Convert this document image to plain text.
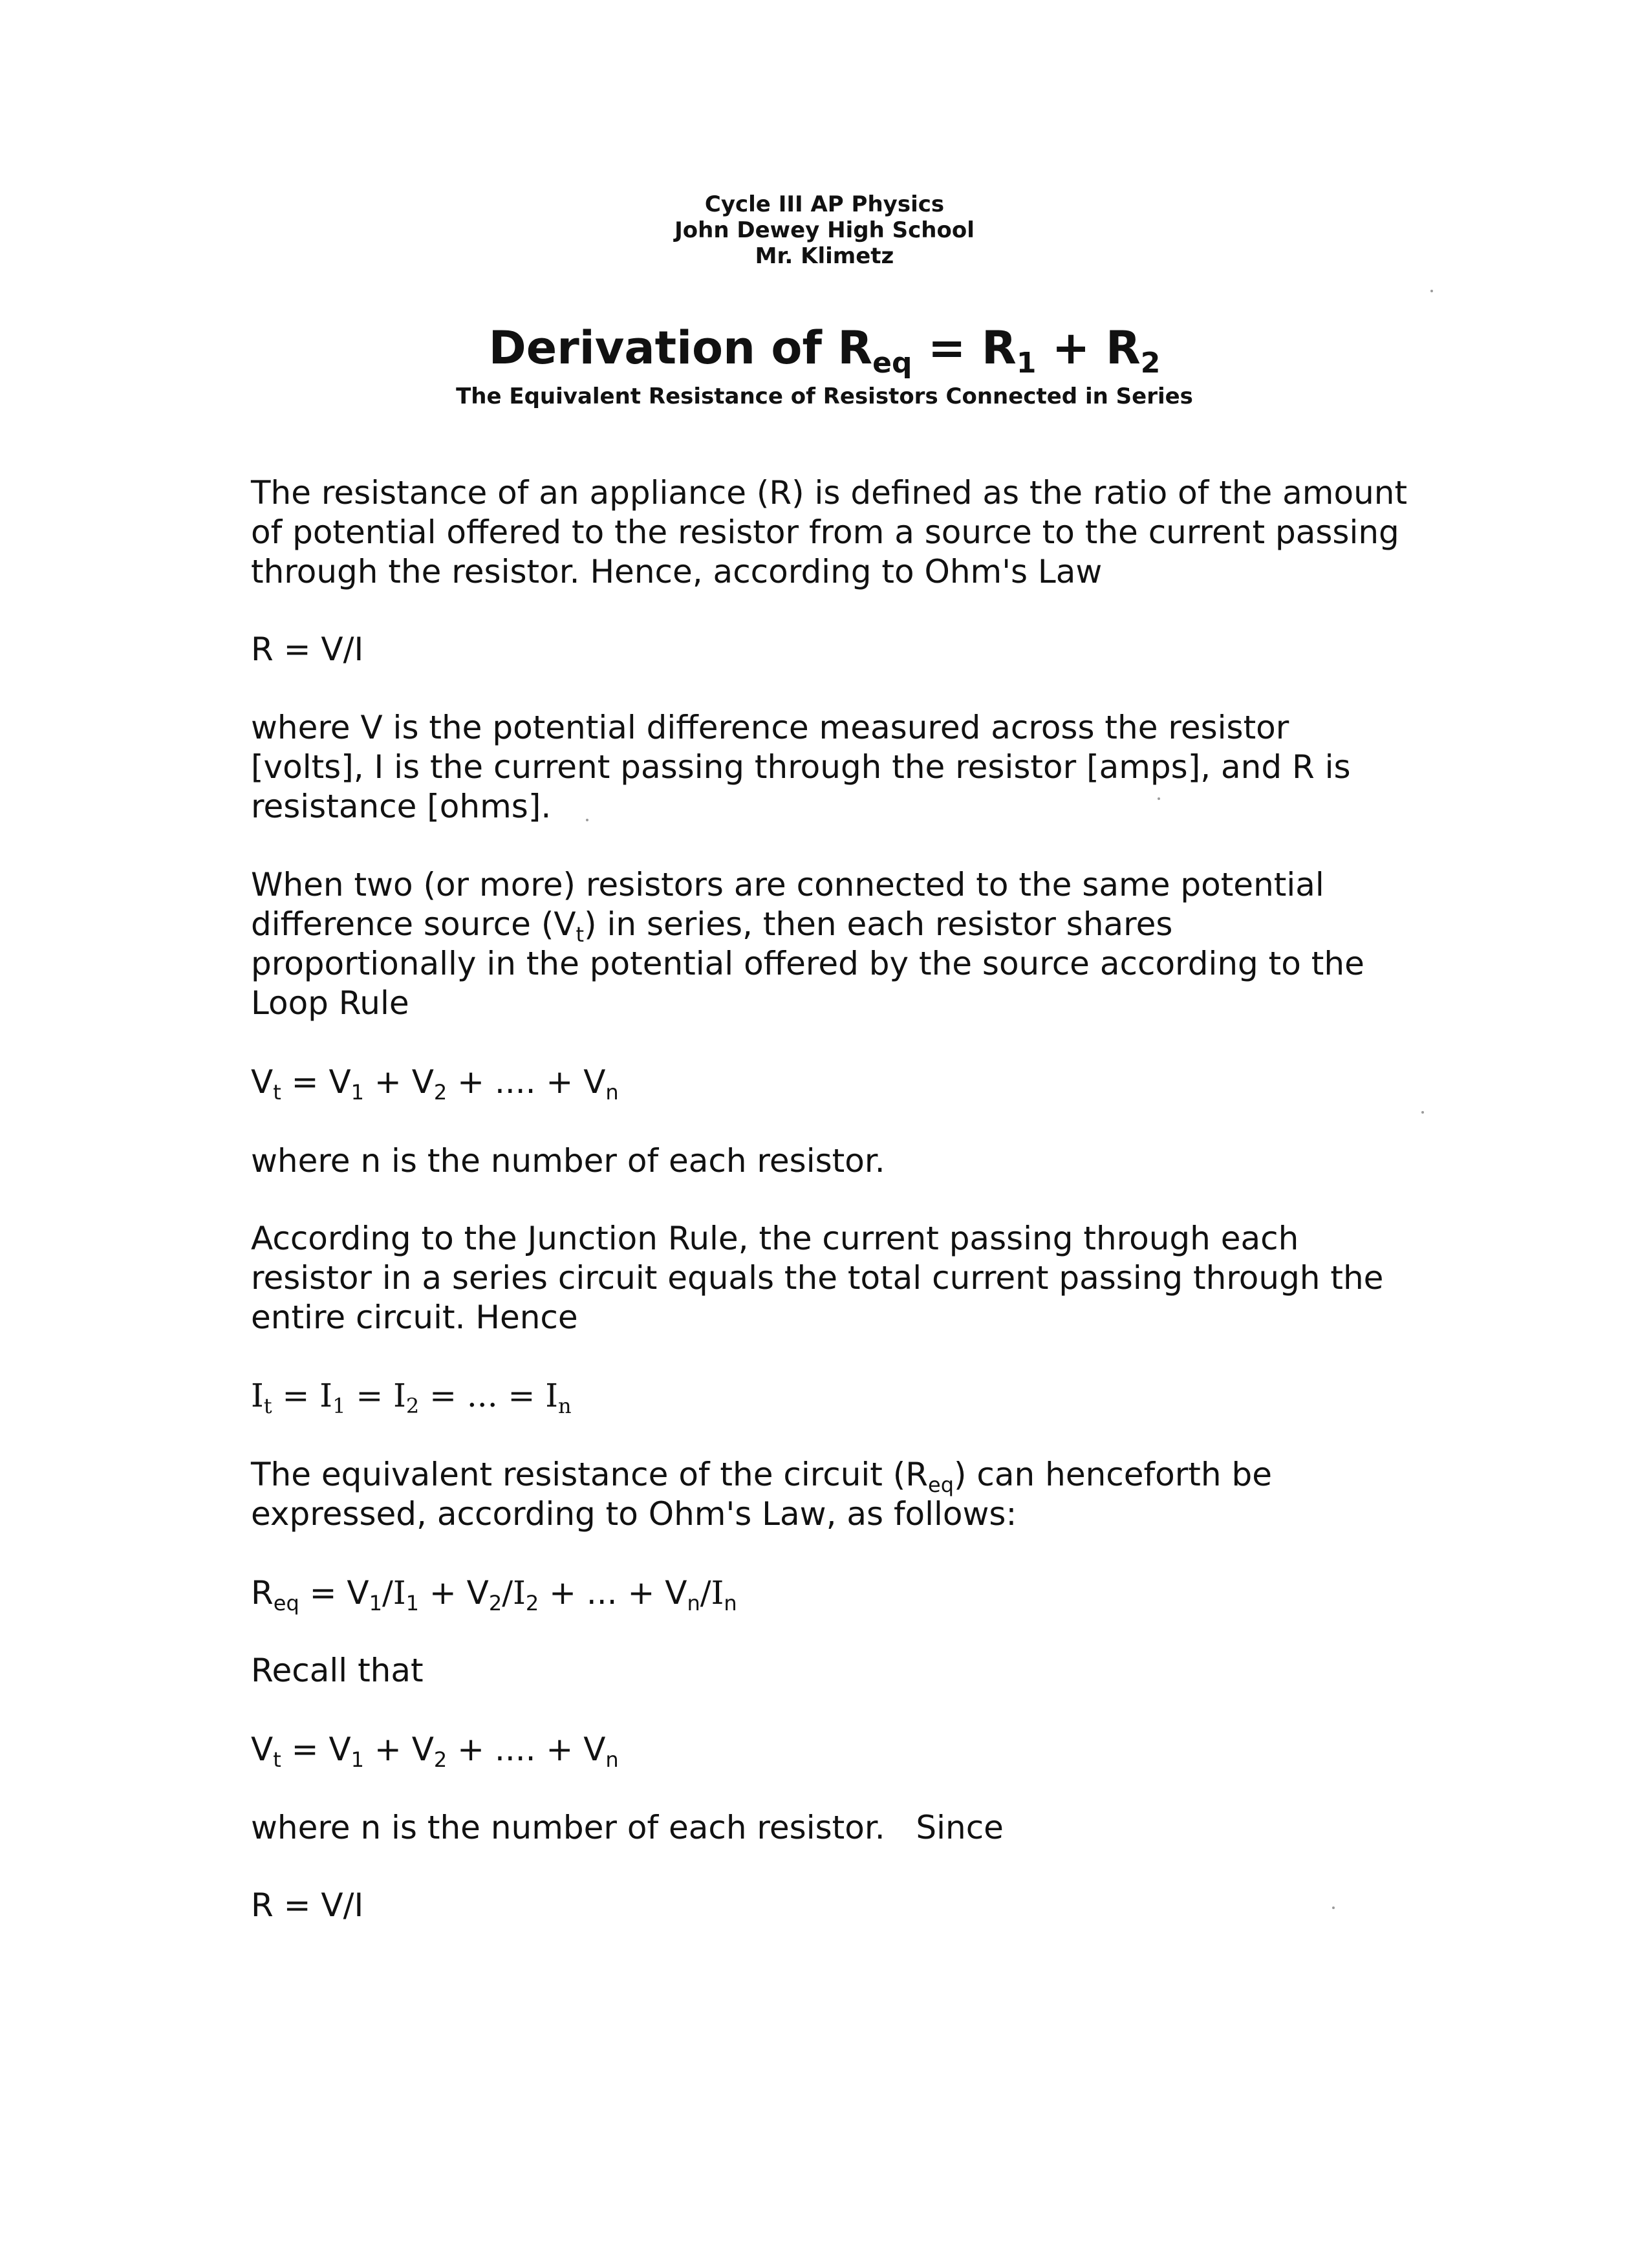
Cycle III AP Physics
John Dewey High School
Mr. Klimetz
Derivation of $R_{eq} = R_1 + R_2$
The Equivalent Resistance of Resistors Connected in Series
The resistance of an appliance (R) is defined as the ratio of the amount
of potential offered to the resistor from a source to the current passing
through the resistor. Hence, according to Ohm's Law
R = V/I
where V is the potential difference measured across the resistor
[volts], I is the current passing through the resistor [amps], and R is
resistance [ohms].
When two (or more) resistors are connected to the same potential
difference source $(V_t)$ in series, then each resistor shares
proportionally in the potential offered by the source according to the
Loop Rule
$V_t = V_1 + V_2$ + .... + $V_n$
where n is the number of each resistor.
According to the Junction Rule, the current passing through each
resistor in a series circuit equals the total current passing through the
entire circuit. Hence
$I_t = I_1 = I_2$ = ... = $I_n$
The equivalent resistance of the circuit $(R_{eq})$ can henceforth be
expressed, according to Ohm's Law, as follows:
$R_{eq} = V_1/I_1 + V_2/I_2$ + ... + $V_n/I_n$
Recall that
$V_t = V_1 + V_2$ + .... + $V_n$
where n is the number of each resistor.   Since
R = V/I
